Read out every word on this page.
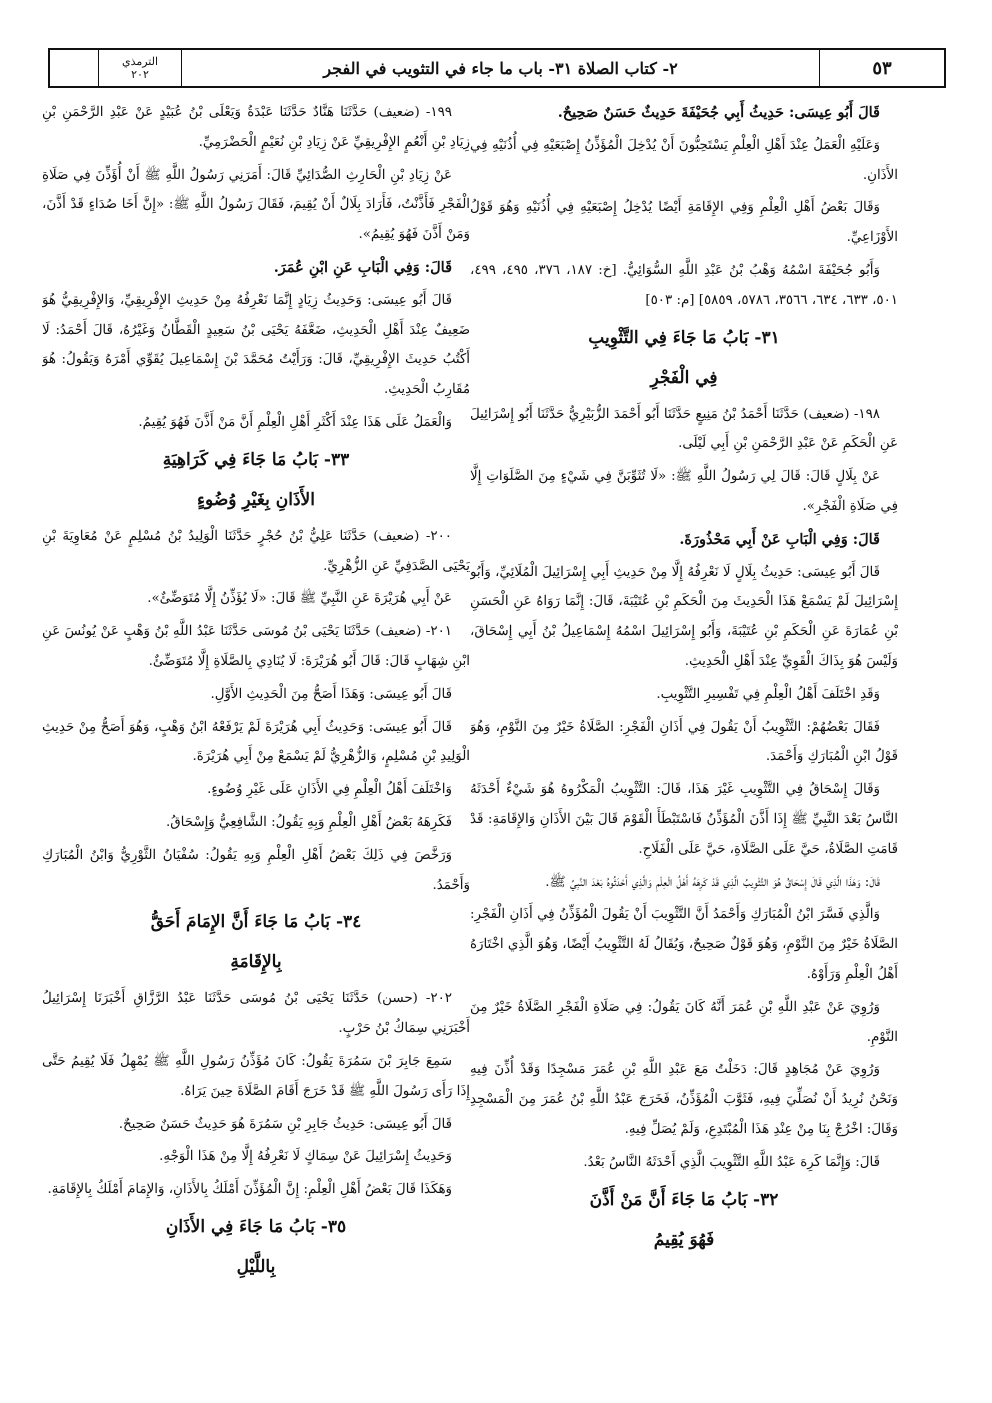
الترمذي
٢٠٢	٢- كتاب الصلاة ٣١- باب ما جاء في التثويب في الفجر	٥٣

قَالَ أَبُو عِيسَى: حَدِيثُ أَبِي جُحَيْفَةَ حَدِيثٌ حَسَنٌ صَحِيحٌ.

وَعَلَيْهِ الْعَمَلُ عِنْدَ أَهْلِ الْعِلْمِ يَسْتَحِبُّونَ أَنْ يُدْخِلَ الْمُؤَذِّنُ إِصْبَعَيْهِ فِي أُذُنَيْهِ فِي الأَذَانِ.

وَقَالَ بَعْضُ أَهْلِ الْعِلْمِ وَفِي الإِقَامَةِ أَيْضًا يُدْخِلُ إِصْبَعَيْهِ فِي أُذُنَيْهِ وَهُوَ قَوْلُ الأَوْزَاعِيِّ.

وَأَبُو جُحَيْفَةَ اسْمُهُ وَهْبُ بْنُ عَبْدِ اللَّهِ السُّوَائِيُّ. [خ: ١٨٧، ٣٧٦، ٤٩٥، ٤٩٩، ٥٠١، ٦٣٣، ٦٣٤، ٣٥٦٦، ٥٧٨٦، ٥٨٥٩] [م: ٥٠٣]

٣١- بَابُ مَا جَاءَ فِي التَّثْوِيبِ
فِي الْفَجْرِ

١٩٨- (ضعيف) حَدَّثَنَا أَحْمَدُ بْنُ مَنِيعٍ حَدَّثَنَا أَبُو أَحْمَدَ الزُّبَيْرِيُّ حَدَّثَنَا أَبُو إِسْرَائِيلَ عَنِ الْحَكَمِ عَنْ عَبْدِ الرَّحْمَنِ بْنِ أَبِي لَيْلَى.

عَنْ بِلَالٍ قَالَ: قَالَ لِي رَسُولُ اللَّهِ ﷺ: «لَا تُثَوِّبَنَّ فِي شَيْءٍ مِنَ الصَّلَوَاتِ إِلَّا فِي صَلَاةِ الْفَجْرِ».

قَالَ: وَفِي الْبَابِ عَنْ أَبِي مَحْذُورَةَ.

قَالَ أَبُو عِيسَى: حَدِيثُ بِلَالٍ لَا نَعْرِفُهُ إِلَّا مِنْ حَدِيثِ أَبِي إِسْرَائِيلَ الْمُلَائِيِّ، وَأَبُو إِسْرَائِيلَ لَمْ يَسْمَعْ هَذَا الْحَدِيثَ مِنَ الْحَكَمِ بْنِ عُتَيْبَةَ، قَالَ: إِنَّمَا رَوَاهُ عَنِ الْحَسَنِ بْنِ عُمَارَةَ عَنِ الْحَكَمِ بْنِ عُتَيْبَةَ، وَأَبُو إِسْرَائِيلَ اسْمُهُ إِسْمَاعِيلُ بْنُ أَبِي إِسْحَاقَ، وَلَيْسَ هُوَ بِذَاكَ الْقَوِيِّ عِنْدَ أَهْلِ الْحَدِيثِ.

وَقَدِ اخْتَلَفَ أَهْلُ الْعِلْمِ فِي تَفْسِيرِ التَّثْوِيبِ.

فَقَالَ بَعْضُهُمْ: التَّثْوِيبُ أَنْ يَقُولَ فِي أَذَانِ الْفَجْرِ: الصَّلَاةُ خَيْرٌ مِنَ النَّوْمِ، وَهُوَ قَوْلُ ابْنِ الْمُبَارَكِ وَأَحْمَدَ.

وَقَالَ إِسْحَاقُ فِي التَّثْوِيبِ غَيْرَ هَذَا، قَالَ: التَّثْوِيبُ الْمَكْرُوهُ هُوَ شَيْءٌ أَحْدَثَهُ النَّاسُ بَعْدَ النَّبِيِّ ﷺ إِذَا أَذَّنَ الْمُؤَذِّنُ فَاسْتَبْطَأَ الْقَوْمَ قَالَ بَيْنَ الأَذَانِ وَالإِقَامَةِ: قَدْ قَامَتِ الصَّلَاةُ، حَيَّ عَلَى الصَّلَاةِ، حَيَّ عَلَى الْفَلَاحِ.

قَالَ: وَهَذَا الَّذِي قَالَ إِسْحَاقُ هُوَ التَّثْوِيبُ الَّذِي قَدْ كَرِهَهُ أَهْلُ الْعِلْمِ وَالَّذِي أَحْدَثُوهُ بَعْدَ النَّبِيِّ ﷺ.

وَالَّذِي فَسَّرَ ابْنُ الْمُبَارَكِ وَأَحْمَدُ أَنَّ التَّثْوِيبَ أَنْ يَقُولَ الْمُؤَذِّنُ فِي أَذَانِ الْفَجْرِ: الصَّلَاةُ خَيْرٌ مِنَ النَّوْمِ، وَهُوَ قَوْلٌ صَحِيحٌ، وَيُقَالُ لَهُ التَّثْوِيبُ أَيْضًا، وَهُوَ الَّذِي اخْتَارَهُ أَهْلُ الْعِلْمِ وَرَأَوْهُ.

وَرُوِيَ عَنْ عَبْدِ اللَّهِ بْنِ عُمَرَ أَنَّهُ كَانَ يَقُولُ: فِي صَلَاةِ الْفَجْرِ الصَّلَاةُ خَيْرٌ مِنَ النَّوْمِ.

وَرُوِيَ عَنْ مُجَاهِدٍ قَالَ: دَخَلْتُ مَعَ عَبْدِ اللَّهِ بْنِ عُمَرَ مَسْجِدًا وَقَدْ أُذِّنَ فِيهِ وَنَحْنُ نُرِيدُ أَنْ نُصَلِّيَ فِيهِ، فَثَوَّبَ الْمُؤَذِّنُ، فَخَرَجَ عَبْدُ اللَّهِ بْنُ عُمَرَ مِنَ الْمَسْجِدِ وَقَالَ: اخْرُجْ بِنَا مِنْ عِنْدِ هَذَا الْمُبْتَدِعِ، وَلَمْ يُصَلِّ فِيهِ.

قَالَ: وَإِنَّمَا كَرِهَ عَبْدُ اللَّهِ التَّثْوِيبَ الَّذِي أَحْدَثَهُ النَّاسُ بَعْدُ.

٣٢- بَابُ مَا جَاءَ أَنَّ مَنْ أَذَّنَ
فَهُوَ يُقِيمُ

١٩٩- (ضعيف) حَدَّثَنَا هَنَّادٌ حَدَّثَنَا عَبْدَةُ وَيَعْلَى بْنُ عُبَيْدٍ عَنْ عَبْدِ الرَّحْمَنِ بْنِ زِيَادِ بْنِ أَنْعُمٍ الإِفْرِيقِيِّ عَنْ زِيَادِ بْنِ نُعَيْمٍ الْحَضْرَمِيِّ.

عَنْ زِيَادِ بْنِ الْحَارِثِ الصُّدَائِيِّ قَالَ: أَمَرَنِي رَسُولُ اللَّهِ ﷺ أَنْ أُؤَذِّنَ فِي صَلَاةِ الْفَجْرِ فَأَذَّنْتُ، فَأَرَادَ بِلَالٌ أَنْ يُقِيمَ، فَقَالَ رَسُولُ اللَّهِ ﷺ: «إِنَّ أَخَا صُدَاءٍ قَدْ أَذَّنَ، وَمَنْ أَذَّنَ فَهُوَ يُقِيمُ».

قَالَ: وَفِي الْبَابِ عَنِ ابْنِ عُمَرَ.

قَالَ أَبُو عِيسَى: وَحَدِيثُ زِيَادٍ إِنَّمَا نَعْرِفُهُ مِنْ حَدِيثِ الإِفْرِيقِيِّ، وَالإِفْرِيقِيُّ هُوَ ضَعِيفٌ عِنْدَ أَهْلِ الْحَدِيثِ، ضَعَّفَهُ يَحْيَى بْنُ سَعِيدٍ الْقَطَّانُ وَغَيْرُهُ، قَالَ أَحْمَدُ: لَا أَكْتُبُ حَدِيثَ الإِفْرِيقِيِّ، قَالَ: وَرَأَيْتُ مُحَمَّدَ بْنَ إِسْمَاعِيلَ يُقَوِّي أَمْرَهُ وَيَقُولُ: هُوَ مُقَارِبُ الْحَدِيثِ.

وَالْعَمَلُ عَلَى هَذَا عِنْدَ أَكْثَرِ أَهْلِ الْعِلْمِ أَنَّ مَنْ أَذَّنَ فَهُوَ يُقِيمُ.

٣٣- بَابُ مَا جَاءَ فِي كَرَاهِيَةِ
الأَذَانِ بِغَيْرِ وُضُوءٍ

٢٠٠- (ضعيف) حَدَّثَنَا عَلِيُّ بْنُ حُجْرٍ حَدَّثَنَا الْوَلِيدُ بْنُ مُسْلِمٍ عَنْ مُعَاوِيَةَ بْنِ يَحْيَى الصَّدَفِيِّ عَنِ الزُّهْرِيِّ.

عَنْ أَبِي هُرَيْرَةَ عَنِ النَّبِيِّ ﷺ قَالَ: «لَا يُؤَذِّنُ إِلَّا مُتَوَضِّئٌ».

٢٠١- (ضعيف) حَدَّثَنَا يَحْيَى بْنُ مُوسَى حَدَّثَنَا عَبْدُ اللَّهِ بْنُ وَهْبٍ عَنْ يُونُسَ عَنِ ابْنِ شِهَابٍ قَالَ: قَالَ أَبُو هُرَيْرَةَ: لَا يُنَادِي بِالصَّلَاةِ إِلَّا مُتَوَضِّئٌ.

قَالَ أَبُو عِيسَى: وَهَذَا أَصَحُّ مِنَ الْحَدِيثِ الأَوَّلِ.

قَالَ أَبُو عِيسَى: وَحَدِيثُ أَبِي هُرَيْرَةَ لَمْ يَرْفَعْهُ ابْنُ وَهْبٍ، وَهُوَ أَصَحُّ مِنْ حَدِيثِ الْوَلِيدِ بْنِ مُسْلِمٍ، وَالزُّهْرِيُّ لَمْ يَسْمَعْ مِنْ أَبِي هُرَيْرَةَ.

وَاخْتَلَفَ أَهْلُ الْعِلْمِ فِي الأَذَانِ عَلَى غَيْرِ وُضُوءٍ.

فَكَرِهَهُ بَعْضُ أَهْلِ الْعِلْمِ وَبِهِ يَقُولُ: الشَّافِعِيُّ وَإِسْحَاقُ.

وَرَخَّصَ فِي ذَلِكَ بَعْضُ أَهْلِ الْعِلْمِ وَبِهِ يَقُولُ: سُفْيَانُ الثَّوْرِيُّ وَابْنُ الْمُبَارَكِ وَأَحْمَدُ.

٣٤- بَابُ مَا جَاءَ أَنَّ الإِمَامَ أَحَقُّ
بِالإِقَامَةِ

٢٠٢- (حسن) حَدَّثَنَا يَحْيَى بْنُ مُوسَى حَدَّثَنَا عَبْدُ الرَّزَّاقِ أَخْبَرَنَا إِسْرَائِيلُ أَخْبَرَنِي سِمَاكُ بْنُ حَرْبٍ.

سَمِعَ جَابِرَ بْنَ سَمُرَةَ يَقُولُ: كَانَ مُؤَذِّنُ رَسُولِ اللَّهِ ﷺ يُمْهِلُ فَلَا يُقِيمُ حَتَّى إِذَا رَأَى رَسُولَ اللَّهِ ﷺ قَدْ خَرَجَ أَقَامَ الصَّلَاةَ حِينَ يَرَاهُ.

قَالَ أَبُو عِيسَى: حَدِيثُ جَابِرِ بْنِ سَمُرَةَ هُوَ حَدِيثٌ حَسَنٌ صَحِيحٌ.

وَحَدِيثُ إِسْرَائِيلَ عَنْ سِمَاكٍ لَا نَعْرِفُهُ إِلَّا مِنْ هَذَا الْوَجْهِ.

وَهَكَذَا قَالَ بَعْضُ أَهْلِ الْعِلْمِ: إِنَّ الْمُؤَذِّنَ أَمْلَكُ بِالأَذَانِ، وَالإِمَامَ أَمْلَكُ بِالإِقَامَةِ.

٣٥- بَابُ مَا جَاءَ فِي الأَذَانِ
بِاللَّيْلِ
